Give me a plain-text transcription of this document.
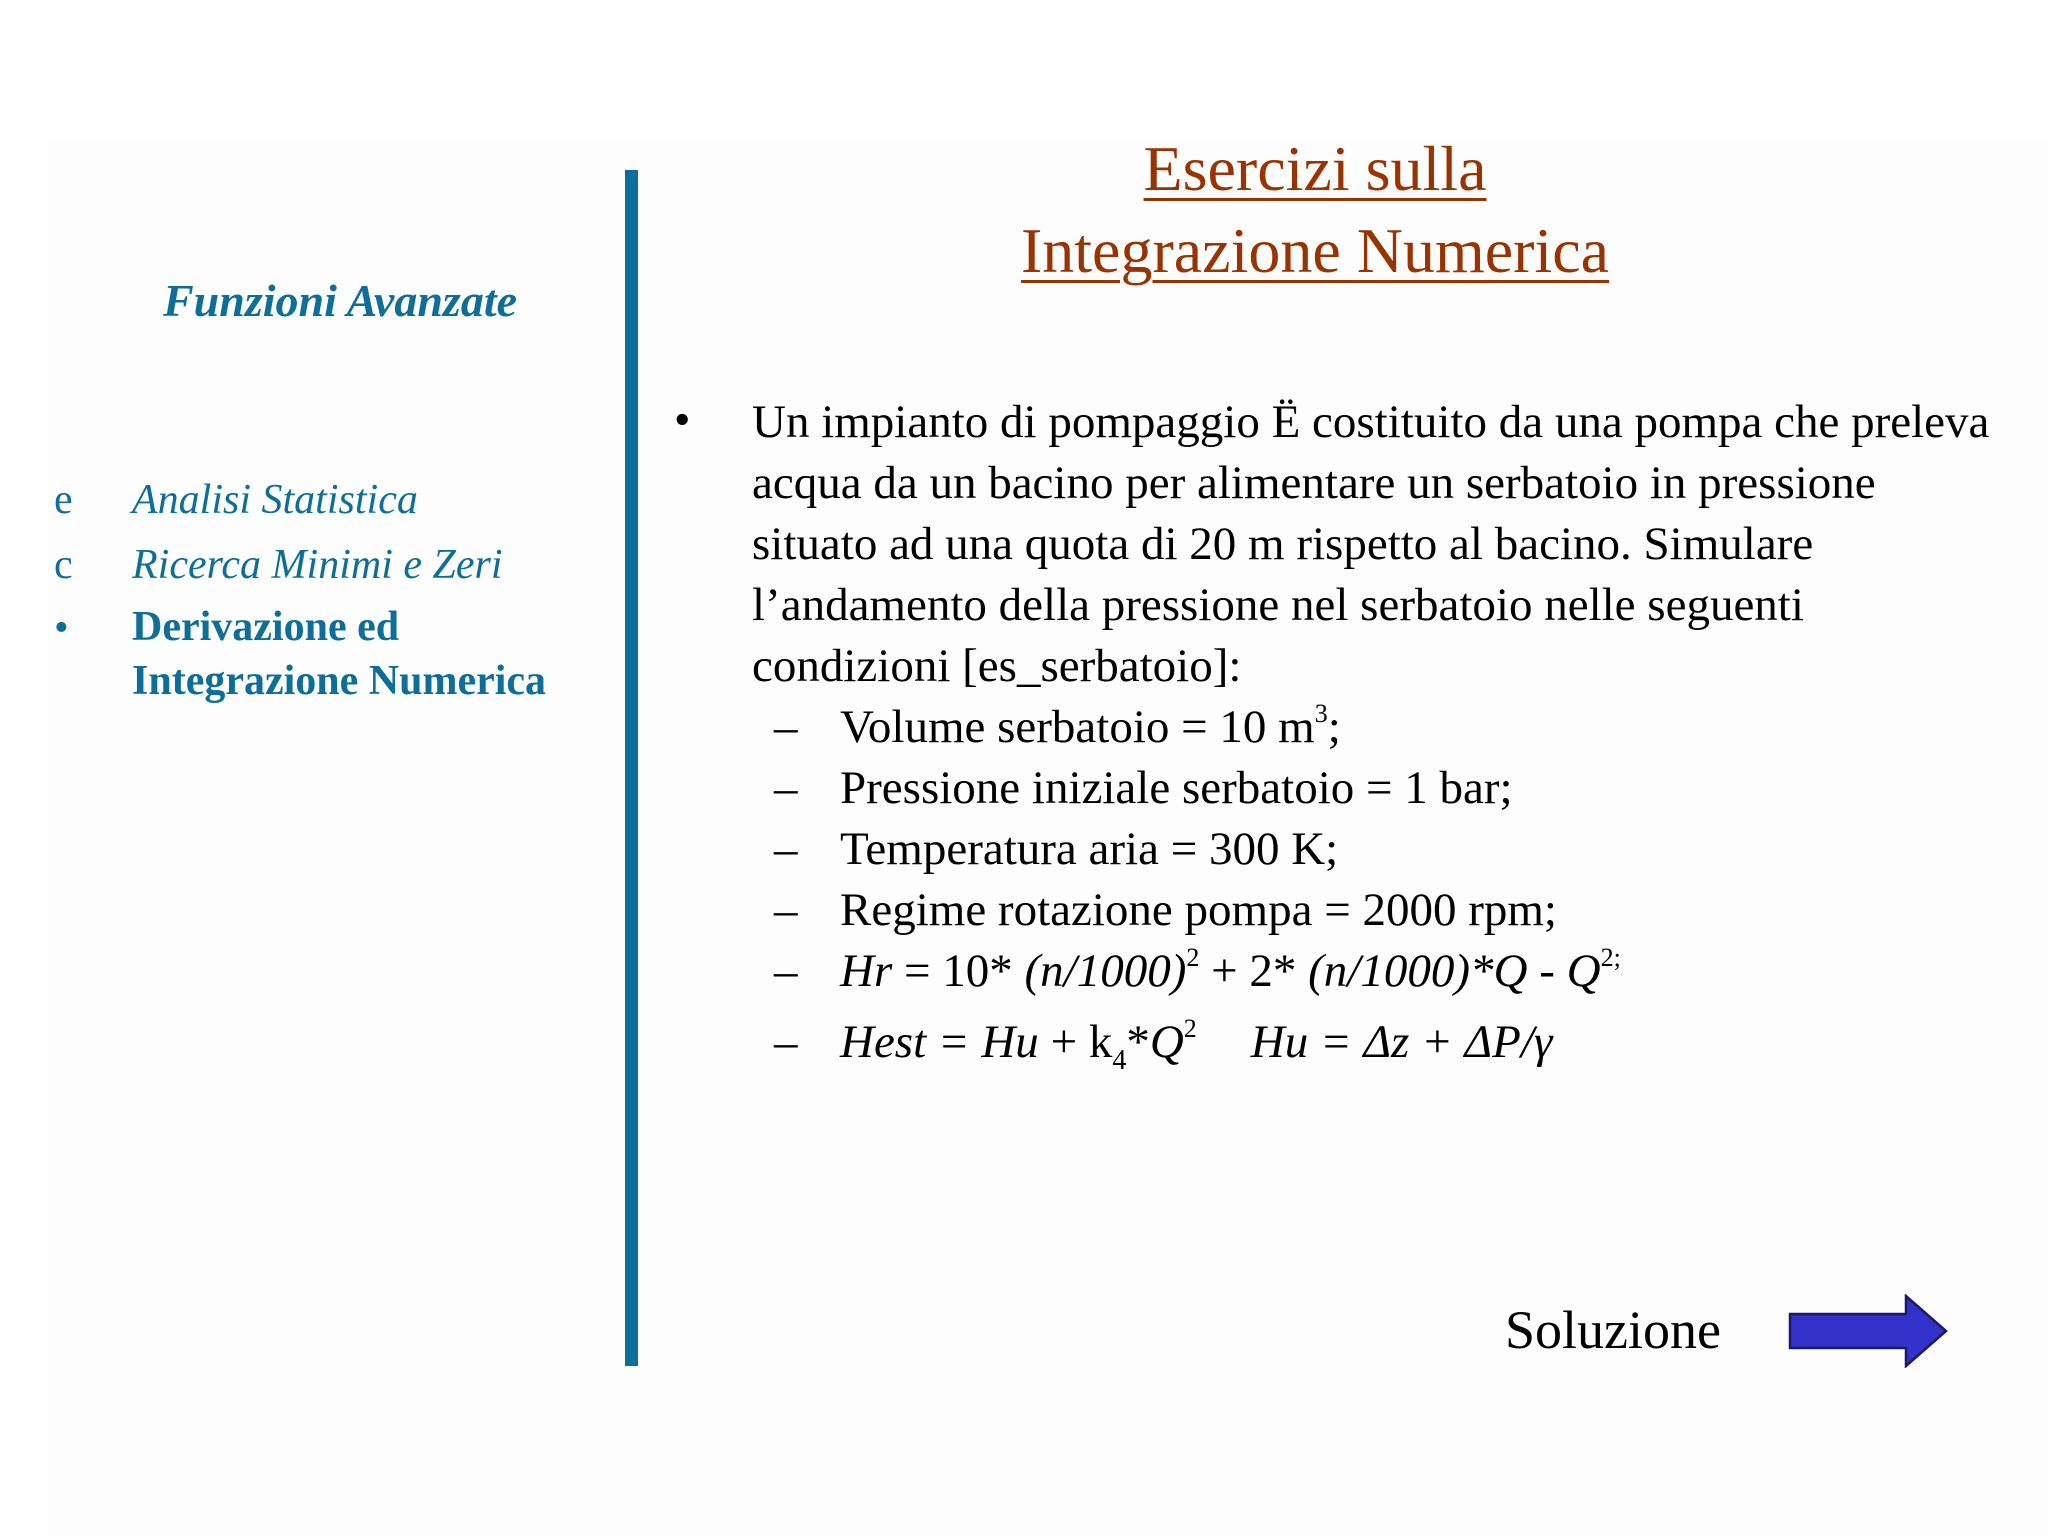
Funzioni Avanzate
e Analisi Statistica
c Ricerca Minimi e Zeri
• Derivazione ed
Integrazione Numerica
Esercizi sulla
Integrazione Numerica
• Un impianto di pompaggio Ë costituito da una pompa che preleva acqua da un bacino per alimentare un serbatoio in pressione situato ad una quota di 20 m rispetto al bacino. Simulare l’andamento della pressione nel serbatoio nelle seguenti condizioni [es_serbatoio]:
– Volume serbatoio = 10 $m^3$;
– Pressione iniziale serbatoio = 1 bar;
– Temperatura aria = 300 K;
– Regime rotazione pompa = 2000 rpm;
– Hr = 10* $(n/1000)^2 + 2*$ $(n/1000)*Q - Q^{2;}$
– Hest = $Hu + k_4*Q^2$ Hu = Δz + ΔP/γ
Soluzione
